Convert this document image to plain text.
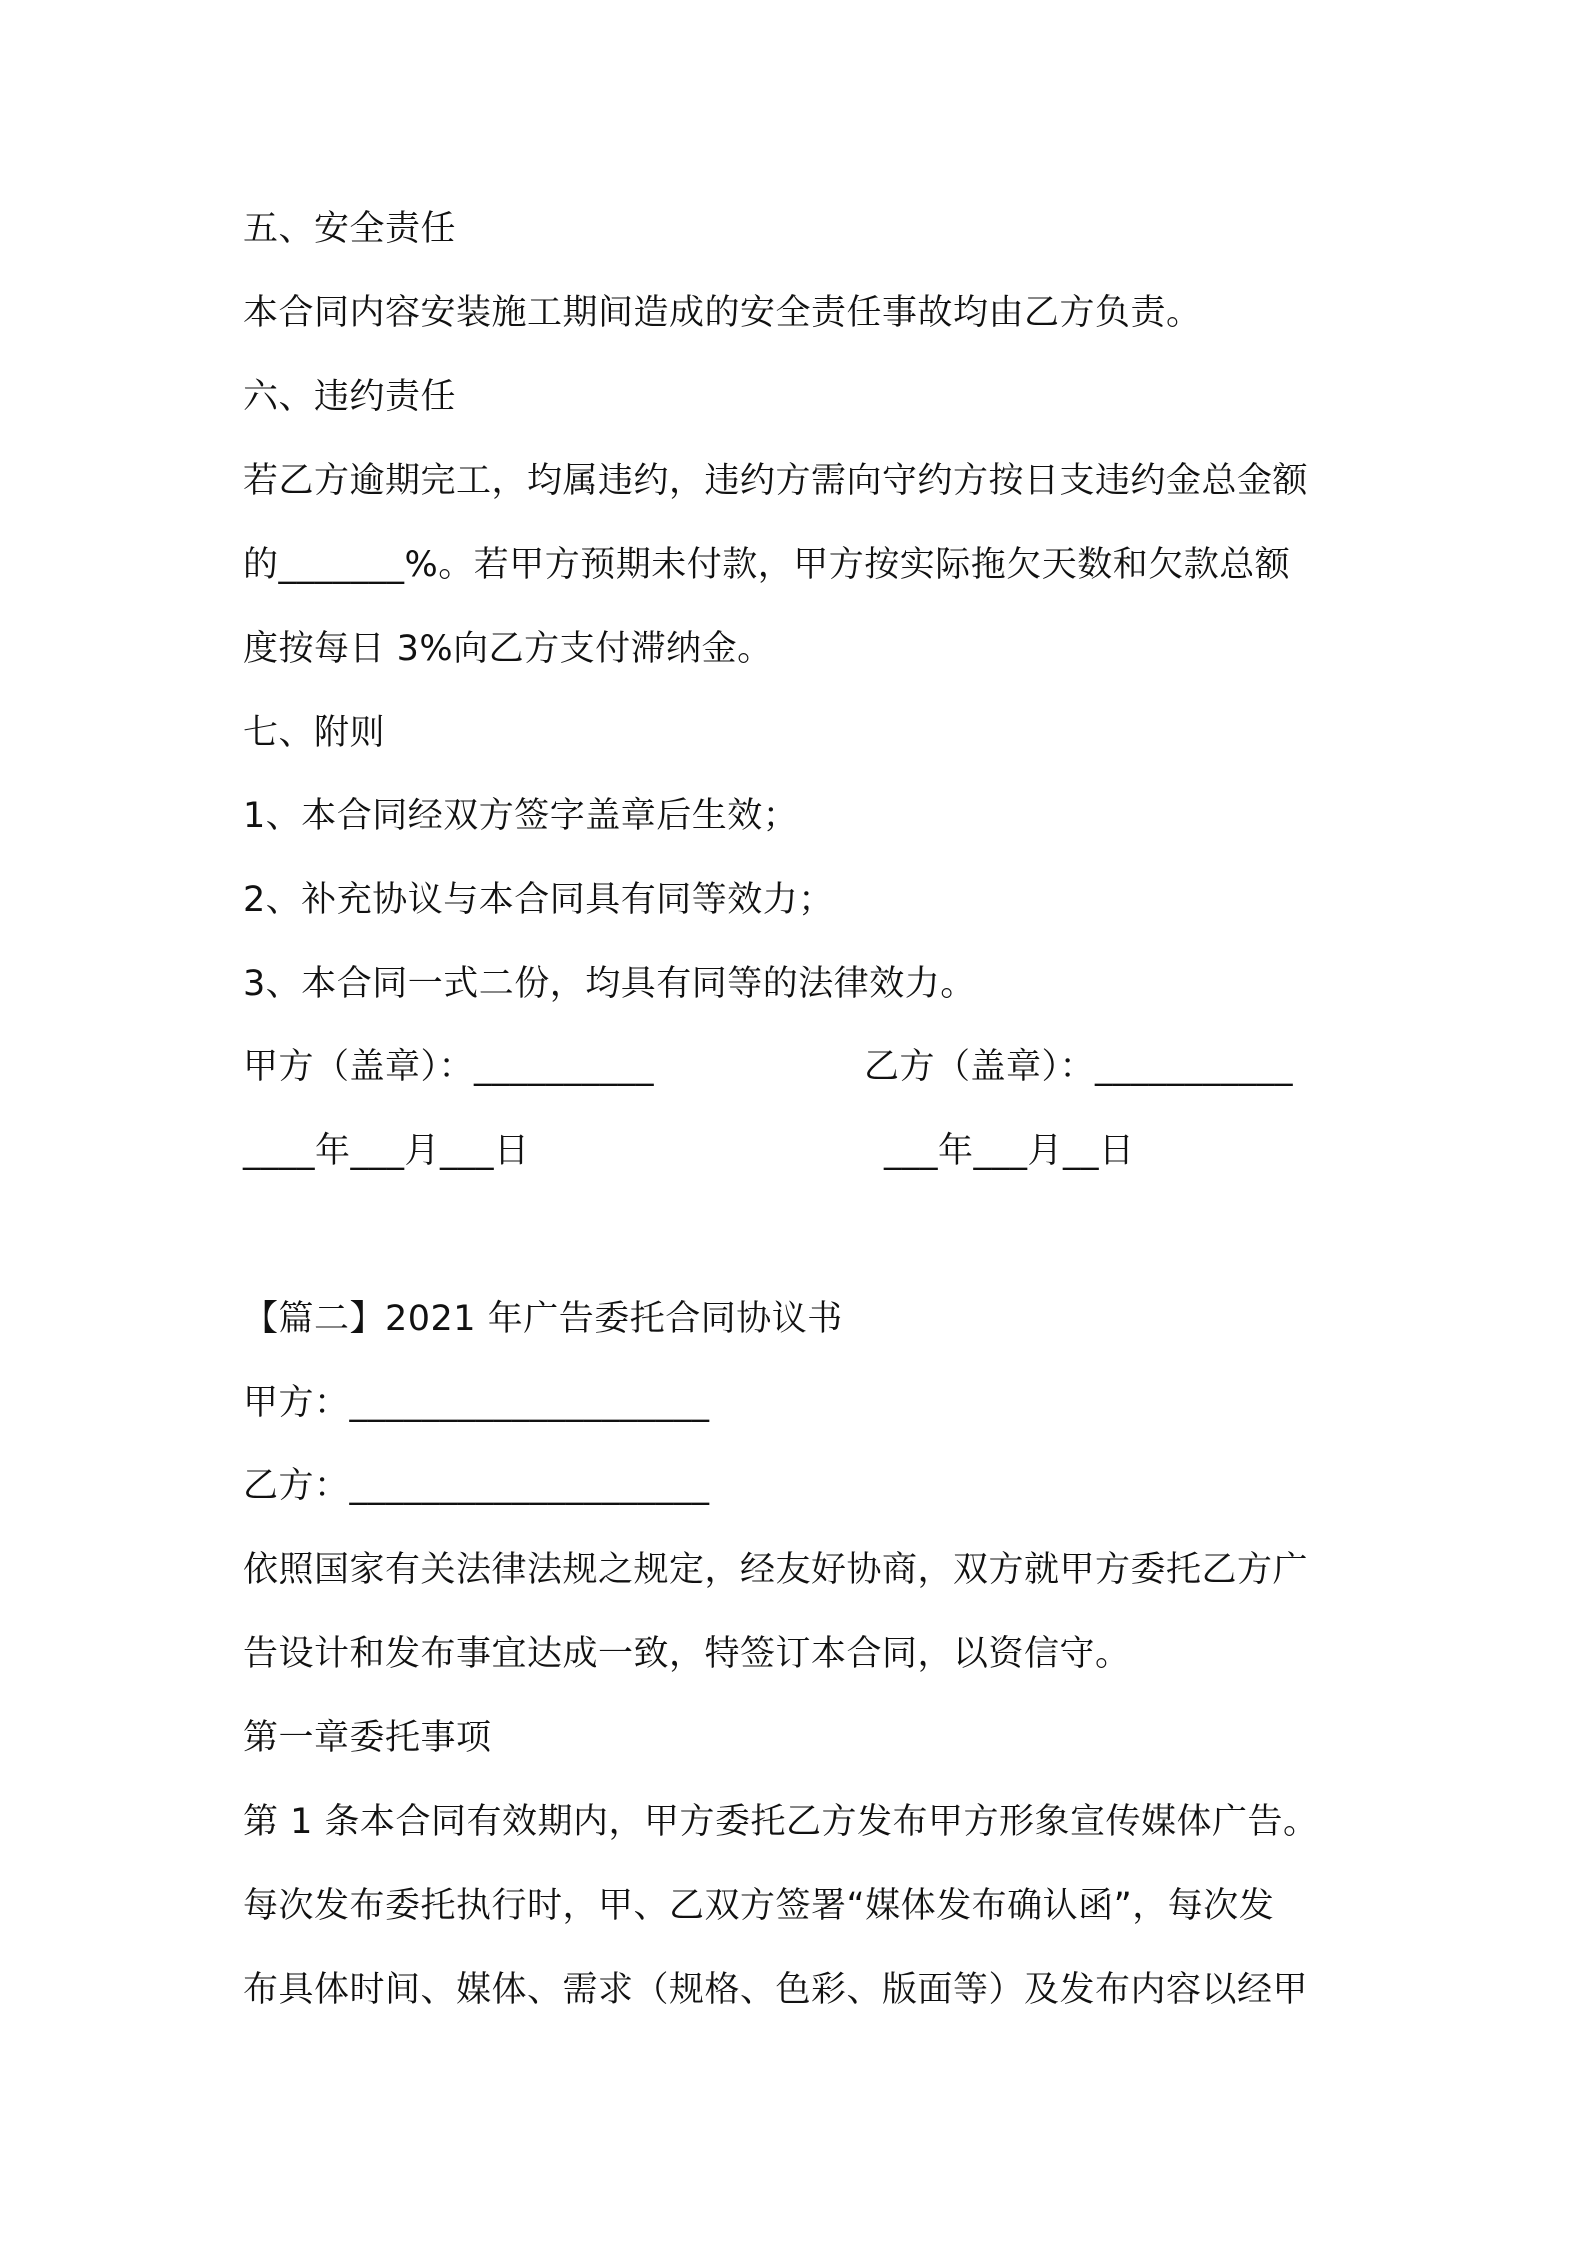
五、安全责任
本合同内容安装施工期间造成的安全责任事故均由乙方负责。
六、违约责任
若乙方逾期完工，均属违约，违约方需向守约方按日支违约金总金额
的_______%。若甲方预期未付款，甲方按实际拖欠天数和欠款总额
度按每日 3%向乙方支付滞纳金。
七、附则
1、本合同经双方签字盖章后生效；
2、补充协议与本合同具有同等效力；
3、本合同一式二份，均具有同等的法律效力。
甲方（盖章）：__________	乙方（盖章）：___________
____年___月___日	___年___月__日
【篇二】2021 年广告委托合同协议书
甲方：____________________
乙方：____________________
依照国家有关法律法规之规定，经友好协商，双方就甲方委托乙方广
告设计和发布事宜达成一致，特签订本合同，以资信守。
第一章委托事项
第 1 条本合同有效期内，甲方委托乙方发布甲方形象宣传媒体广告。
每次发布委托执行时，甲、乙双方签署“媒体发布确认函”，每次发
布具体时间、媒体、需求（规格、色彩、版面等）及发布内容以经甲
